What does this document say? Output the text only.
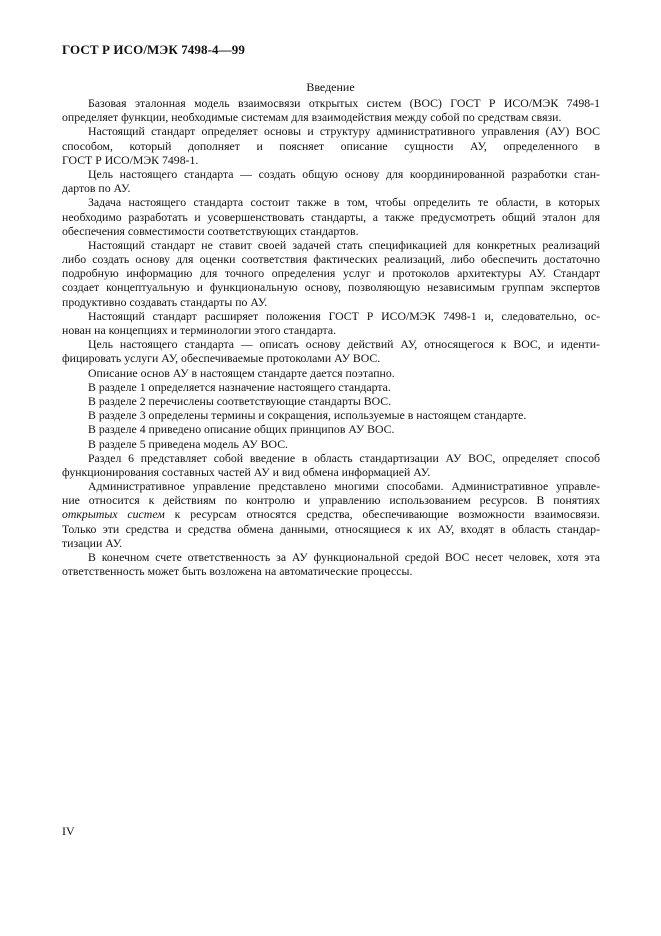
ГОСТ Р ИСО/МЭК 7498-4—99
Введение
Базовая эталонная модель взаимосвязи открытых систем (ВОС) ГОСТ Р ИСО/МЭК 7498-1
определяет функции, необходимые системам для взаимодействия между собой по средствам связи.
Настоящий стандарт определяет основы и структуру административного управления (АУ) ВОС
способом, который дополняет и поясняет описание сущности АУ, определенного в
ГОСТ Р ИСО/МЭК 7498-1.
Цель настоящего стандарта — создать общую основу для координированной разработки стан-
дартов по АУ.
Задача настоящего стандарта состоит также в том, чтобы определить те области, в которых
необходимо разработать и усовершенствовать стандарты, а также предусмотреть общий эталон для
обеспечения совместимости соответствующих стандартов.
Настоящий стандарт не ставит своей задачей стать спецификацией для конкретных реализаций
либо создать основу для оценки соответствия фактических реализаций, либо обеспечить достаточно
подробную информацию для точного определения услуг и протоколов архитектуры АУ. Стандарт
создает концептуальную и функциональную основу, позволяющую независимым группам экспертов
продуктивно создавать стандарты по АУ.
Настоящий стандарт расширяет положения ГОСТ Р ИСО/МЭК 7498-1 и, следовательно, ос-
нован на концепциях и терминологии этого стандарта.
Цель настоящего стандарта — описать основу действий АУ, относящегося к ВОС, и иденти-
фицировать услуги АУ, обеспечиваемые протоколами АУ ВОС.
Описание основ АУ в настоящем стандарте дается поэтапно.
В разделе 1 определяется назначение настоящего стандарта.
В разделе 2 перечислены соответствующие стандарты ВОС.
В разделе 3 определены термины и сокращения, используемые в настоящем стандарте.
В разделе 4 приведено описание общих принципов АУ ВОС.
В разделе 5 приведена модель АУ ВОС.
Раздел 6 представляет собой введение в область стандартизации АУ ВОС, определяет способ
функционирования составных частей АУ и вид обмена информацией АУ.
Административное управление представлено многими способами. Административное управле-
ние относится к действиям по контролю и управлению использованием ресурсов. В понятиях
открытых систем к ресурсам относятся средства, обеспечивающие возможности взаимосвязи.
Только эти средства и средства обмена данными, относящиеся к их АУ, входят в область стандар-
тизации АУ.
В конечном счете ответственность за АУ функциональной средой ВОС несет человек, хотя эта
ответственность может быть возложена на автоматические процессы.
IV
